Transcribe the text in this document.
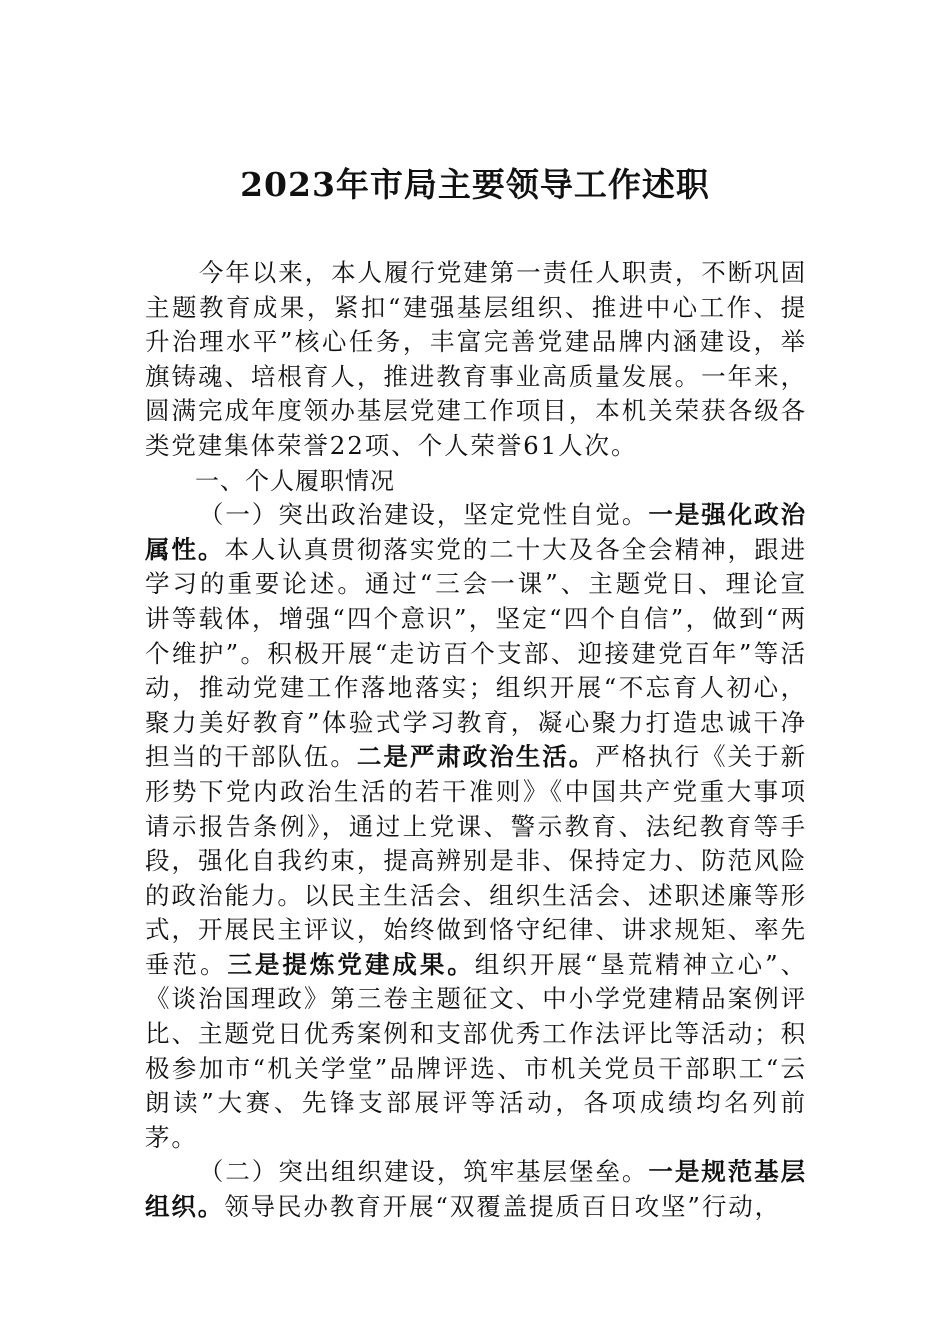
2023年市局主要领导工作述职

今年以来，本人履行党建第一责任人职责，不断巩固主题教育成果，紧扣“建强基层组织、推进中心工作、提升治理水平”核心任务，丰富完善党建品牌内涵建设，举旗铸魂、培根育人，推进教育事业高质量发展。一年来，圆满完成年度领办基层党建工作项目，本机关荣获各级各类党建集体荣誉22项、个人荣誉61人次。

一、个人履职情况

（一）突出政治建设，坚定党性自觉。一是强化政治属性。本人认真贯彻落实党的二十大及各全会精神，跟进学习的重要论述。通过“三会一课”、主题党日、理论宣讲等载体，增强“四个意识”，坚定“四个自信”，做到“两个维护”。积极开展“走访百个支部、迎接建党百年”等活动，推动党建工作落地落实；组织开展“不忘育人初心，聚力美好教育”体验式学习教育，凝心聚力打造忠诚干净担当的干部队伍。二是严肃政治生活。严格执行《关于新形势下党内政治生活的若干准则》《中国共产党重大事项请示报告条例》，通过上党课、警示教育、法纪教育等手段，强化自我约束，提高辨别是非、保持定力、防范风险的政治能力。以民主生活会、组织生活会、述职述廉等形式，开展民主评议，始终做到恪守纪律、讲求规矩、率先垂范。三是提炼党建成果。组织开展“垦荒精神立心”、《谈治国理政》第三卷主题征文、中小学党建精品案例评比、主题党日优秀案例和支部优秀工作法评比等活动；积极参加市“机关学堂”品牌评选、市机关党员干部职工“云朗读”大赛、先锋支部展评等活动，各项成绩均名列前茅。

（二）突出组织建设，筑牢基层堡垒。一是规范基层组织。领导民办教育开展“双覆盖提质百日攻坚”行动，
